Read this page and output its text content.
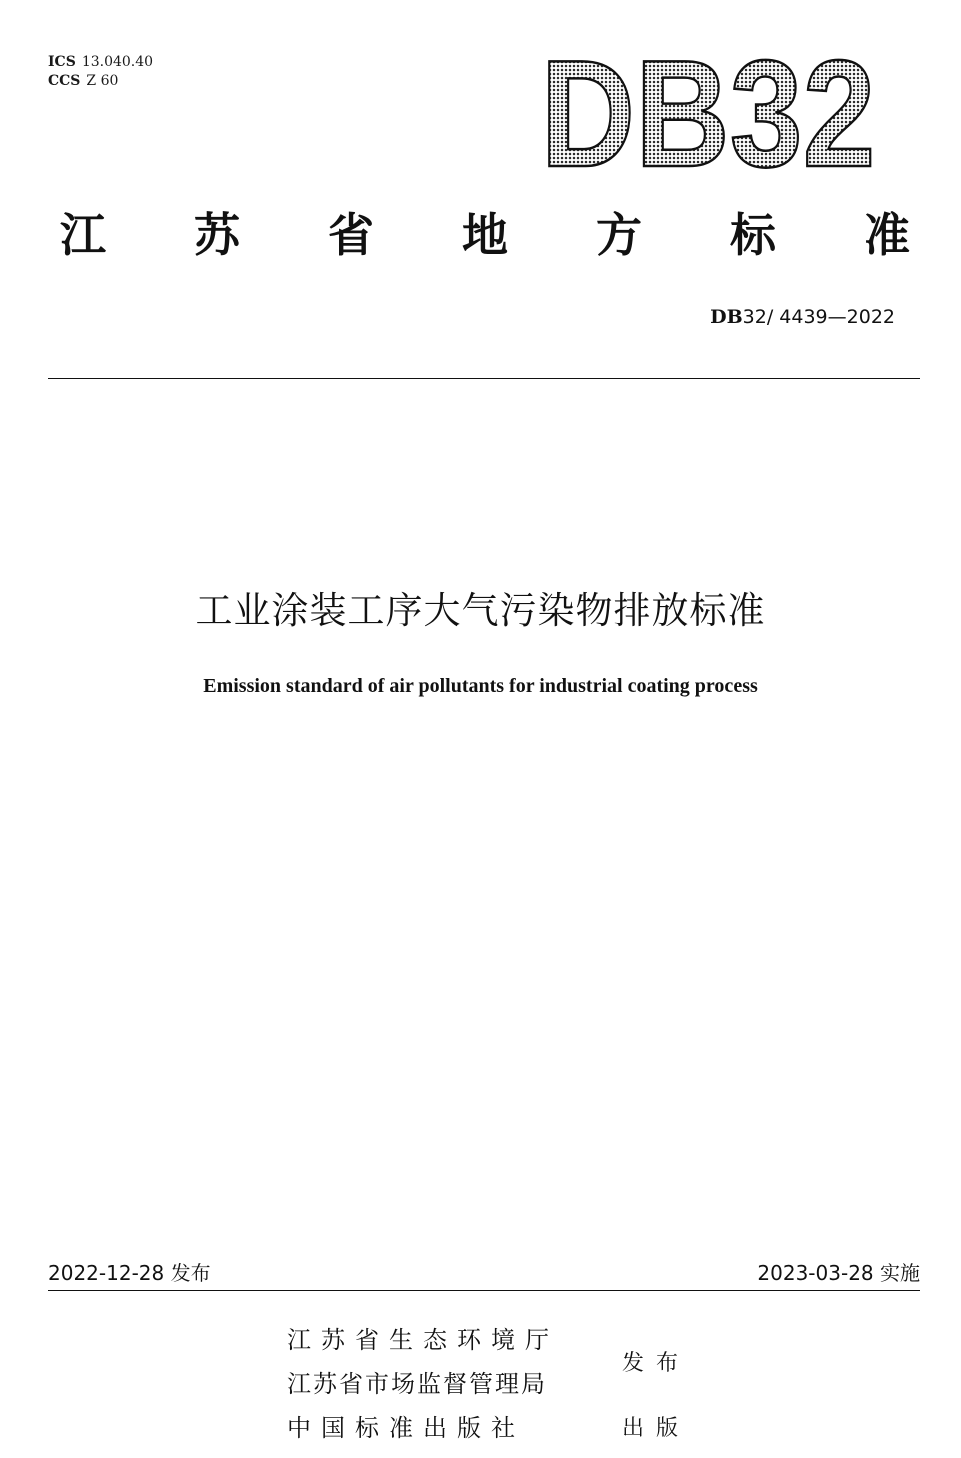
ICS 13.040.40
CCS Z 60	DB32
江 苏 省 地 方 标 准
DB32/ 4439—2022
工业涂装工序大气污染物排放标准
Emission standard of air pollutants for industrial coating process
2022-12-28 发布	2023-03-28 实施
江苏省生态环境厅
江苏省市场监督管理局
中国标准出版社
发布
出版
